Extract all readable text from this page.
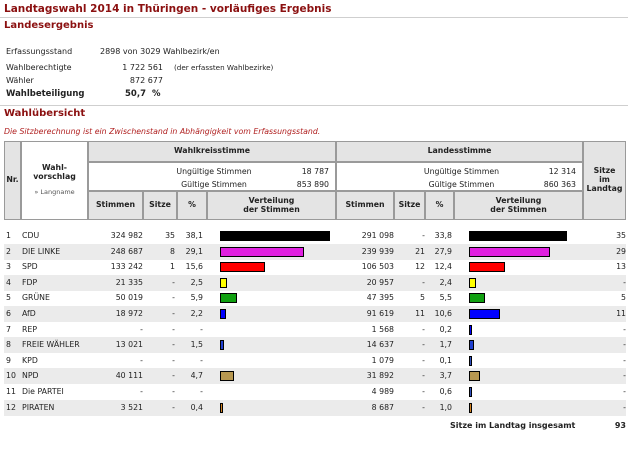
Landtagswahl 2014 in Thüringen - vorläufiges Ergebnis
Landesergebnis
Erfassungsstand	2898 von 3029 Wahlbezirk/en
Wahlberechtigte	1 722 561 (der erfassten Wahlbezirke)
Wähler	872 677
Wahlbeteiligung	50,7 %
Wahlübersicht
Die Sitzberechnung ist ein Zwischenstand in Abhängigkeit vom Erfassungsstand.
Nr.
Wahl-
vorschlag
» Langname
Wahlkreisstimme	Landesstimme
Sitze
im
Landtag
Ungültige Stimmen	18 787
Gültige Stimmen	853 890
Ungültige Stimmen	12 314
Gültige Stimmen	860 363
Stimmen	Sitze	%	Verteilung
der Stimmen	Stimmen	Sitze	%	Verteilung
der Stimmen
1 CDU	324 982	35	38,1	291 098	-	33,8	35
2 DIE LINKE	248 687	8	29,1	239 939	21	27,9	29
3 SPD	133 242	1	15,6	106 503	12	12,4	13
4 FDP	21 335	-	2,5	20 957	-	2,4	-
5 GRÜNE	50 019	-	5,9	47 395	5	5,5	5
6 AfD	18 972	-	2,2	91 619	11	10,6	11
7 REP	-	-	-	1 568	-	0,2	-
8 FREIE WÄHLER	13 021	-	1,5	14 637	-	1,7	-
9 KPD	-	-	-	1 079	-	0,1	-
10 NPD	40 111	-	4,7	31 892	-	3,7	-
11 Die PARTEI	-	-	-	4 989	-	0,6	-
12 PIRATEN	3 521	-	0,4	8 687	-	1,0	-
Sitze im Landtag insgesamt	93
